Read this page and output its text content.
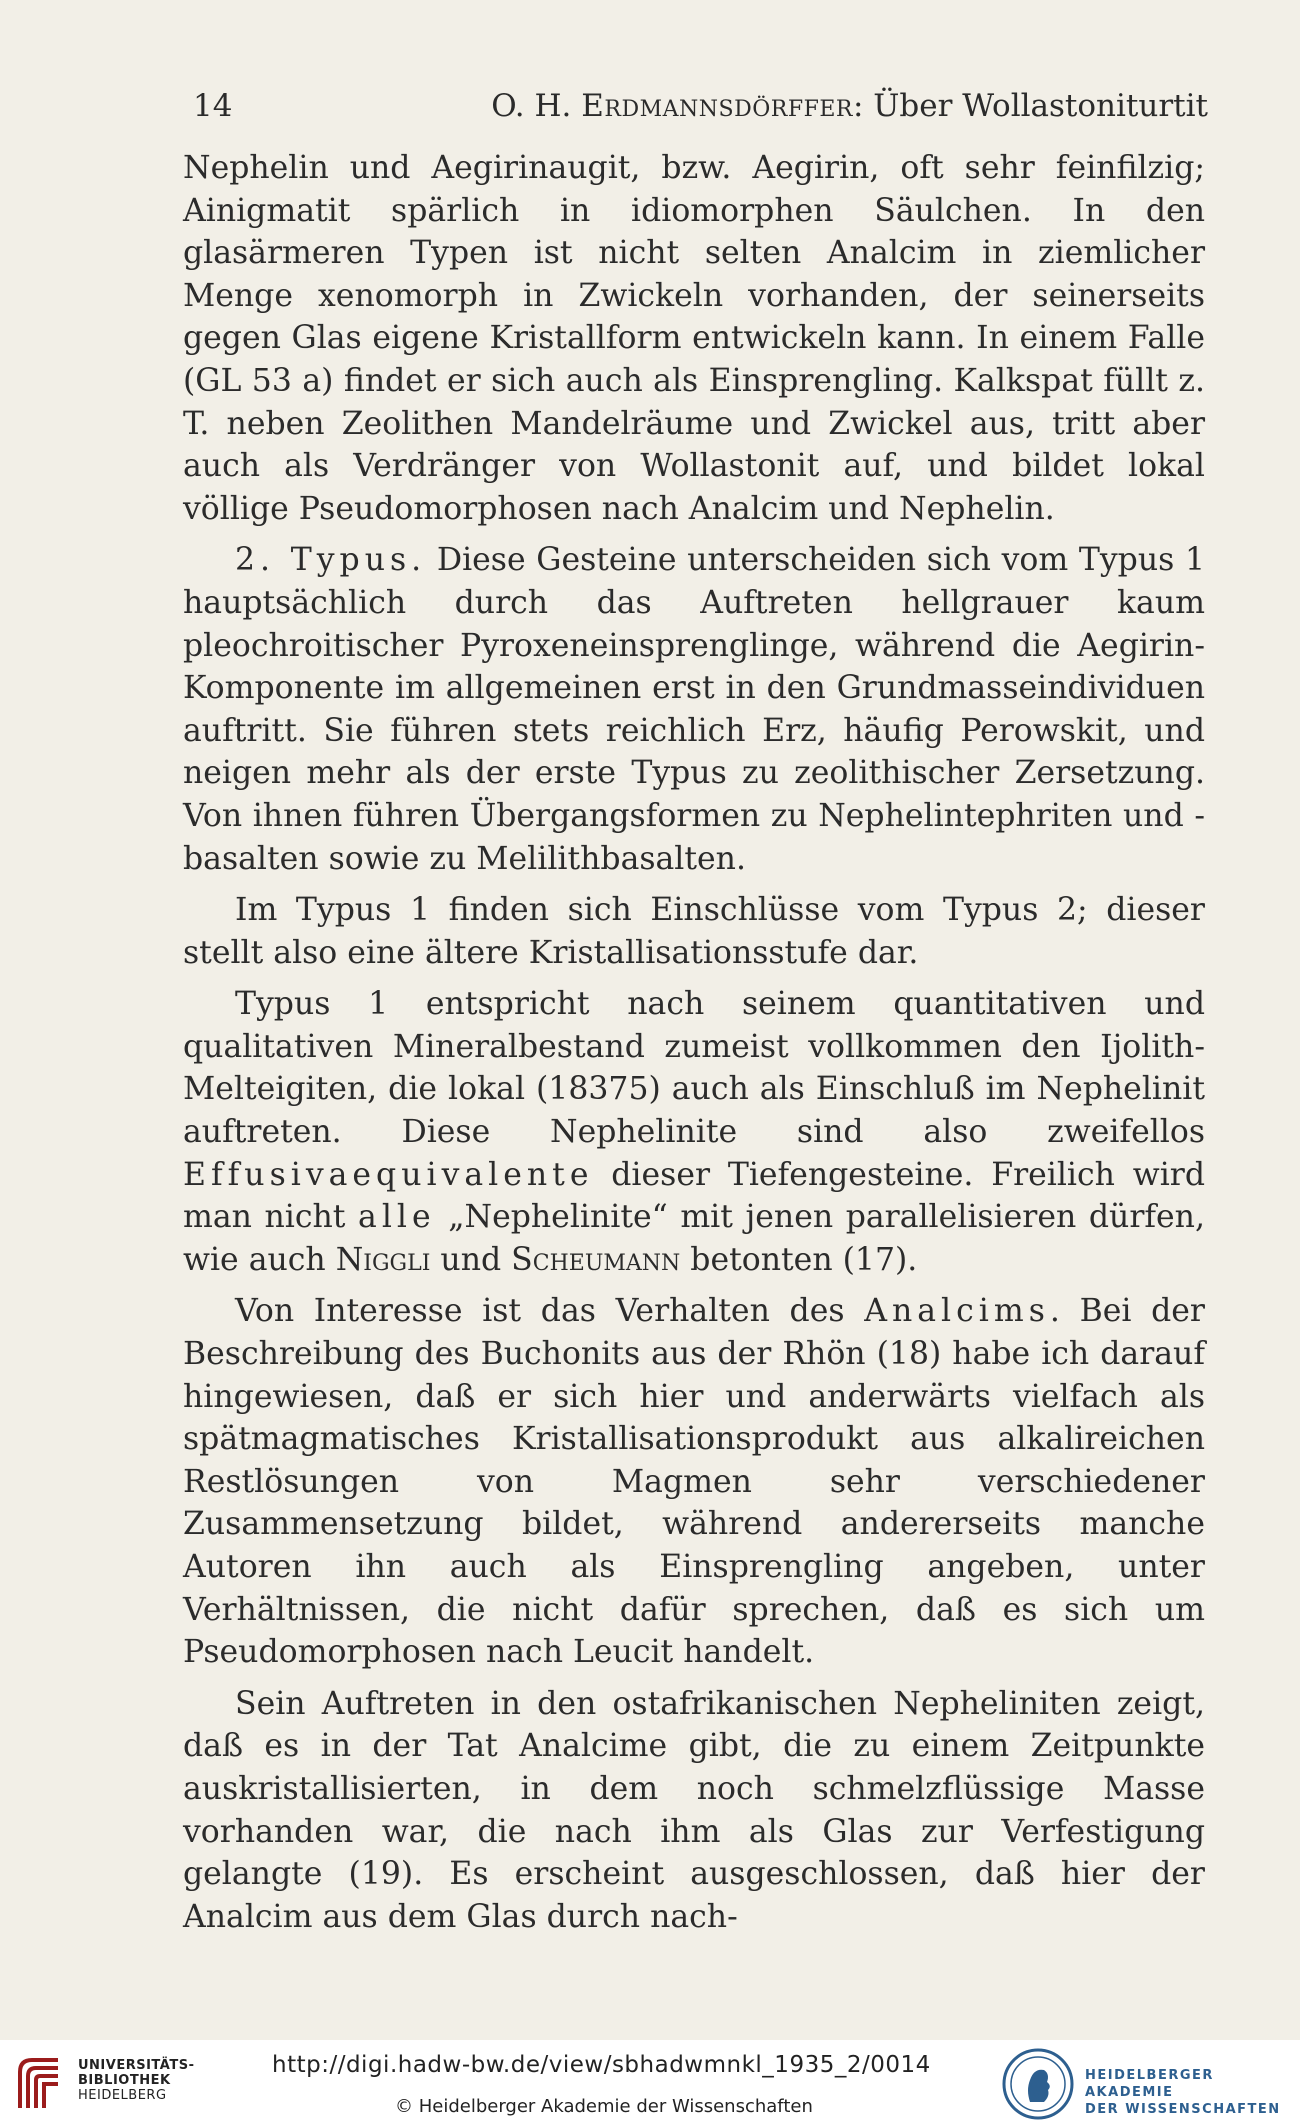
14	O. H. Erdmannsdörffer: Über Wollastoniturtit

Nephelin und Aegirinaugit, bzw. Aegirin, oft sehr feinfilzig; Ainigmatit spärlich in idiomorphen Säulchen. In den glasärmeren Typen ist nicht selten Analcim in ziemlicher Menge xenomorph in Zwickeln vorhanden, der seinerseits gegen Glas eigene Kristallform entwickeln kann. In einem Falle (GL 53 a) findet er sich auch als Einsprengling. Kalkspat füllt z. T. neben Zeolithen Mandelräume und Zwickel aus, tritt aber auch als Verdränger von Wollastonit auf, und bildet lokal völlige Pseudomorphosen nach Analcim und Nephelin.

2. Typus. Diese Gesteine unterscheiden sich vom Typus 1 hauptsächlich durch das Auftreten hellgrauer kaum pleochroitischer Pyroxeneinsprenglinge, während die Aegirin-Komponente im allgemeinen erst in den Grundmasseindividuen auftritt. Sie führen stets reichlich Erz, häufig Perowskit, und neigen mehr als der erste Typus zu zeolithischer Zersetzung. Von ihnen führen Übergangsformen zu Nephelintephriten und -basalten sowie zu Melilithbasalten.

Im Typus 1 finden sich Einschlüsse vom Typus 2; dieser stellt also eine ältere Kristallisationsstufe dar.

Typus 1 entspricht nach seinem quantitativen und qualitativen Mineralbestand zumeist vollkommen den Ijolith-Melteigiten, die lokal (18375) auch als Einschluß im Nephelinit auftreten. Diese Nephelinite sind also zweifellos Effusivaequivalente dieser Tiefengesteine. Freilich wird man nicht alle „Nephelinite“ mit jenen parallelisieren dürfen, wie auch Niggli und Scheumann betonten (17).

Von Interesse ist das Verhalten des Analcims. Bei der Beschreibung des Buchonits aus der Rhön (18) habe ich darauf hingewiesen, daß er sich hier und anderwärts vielfach als spätmagmatisches Kristallisationsprodukt aus alkalireichen Restlösungen von Magmen sehr verschiedener Zusammensetzung bildet, während andererseits manche Autoren ihn auch als Einsprengling angeben, unter Verhältnissen, die nicht dafür sprechen, daß es sich um Pseudomorphosen nach Leucit handelt.

Sein Auftreten in den ostafrikanischen Nepheliniten zeigt, daß es in der Tat Analcime gibt, die zu einem Zeitpunkte auskristallisierten, in dem noch schmelzflüssige Masse vorhanden war, die nach ihm als Glas zur Verfestigung gelangte (19). Es erscheint ausgeschlossen, daß hier der Analcim aus dem Glas durch nach-

UNIVERSITÄTS-
BIBLIOTHEK
HEIDELBERG
http://digi.hadw-bw.de/view/sbhadwmnkl_1935_2/0014
© Heidelberger Akademie der Wissenschaften
HEIDELBERGER AKADEMIE
DER WISSENSCHAFTEN
